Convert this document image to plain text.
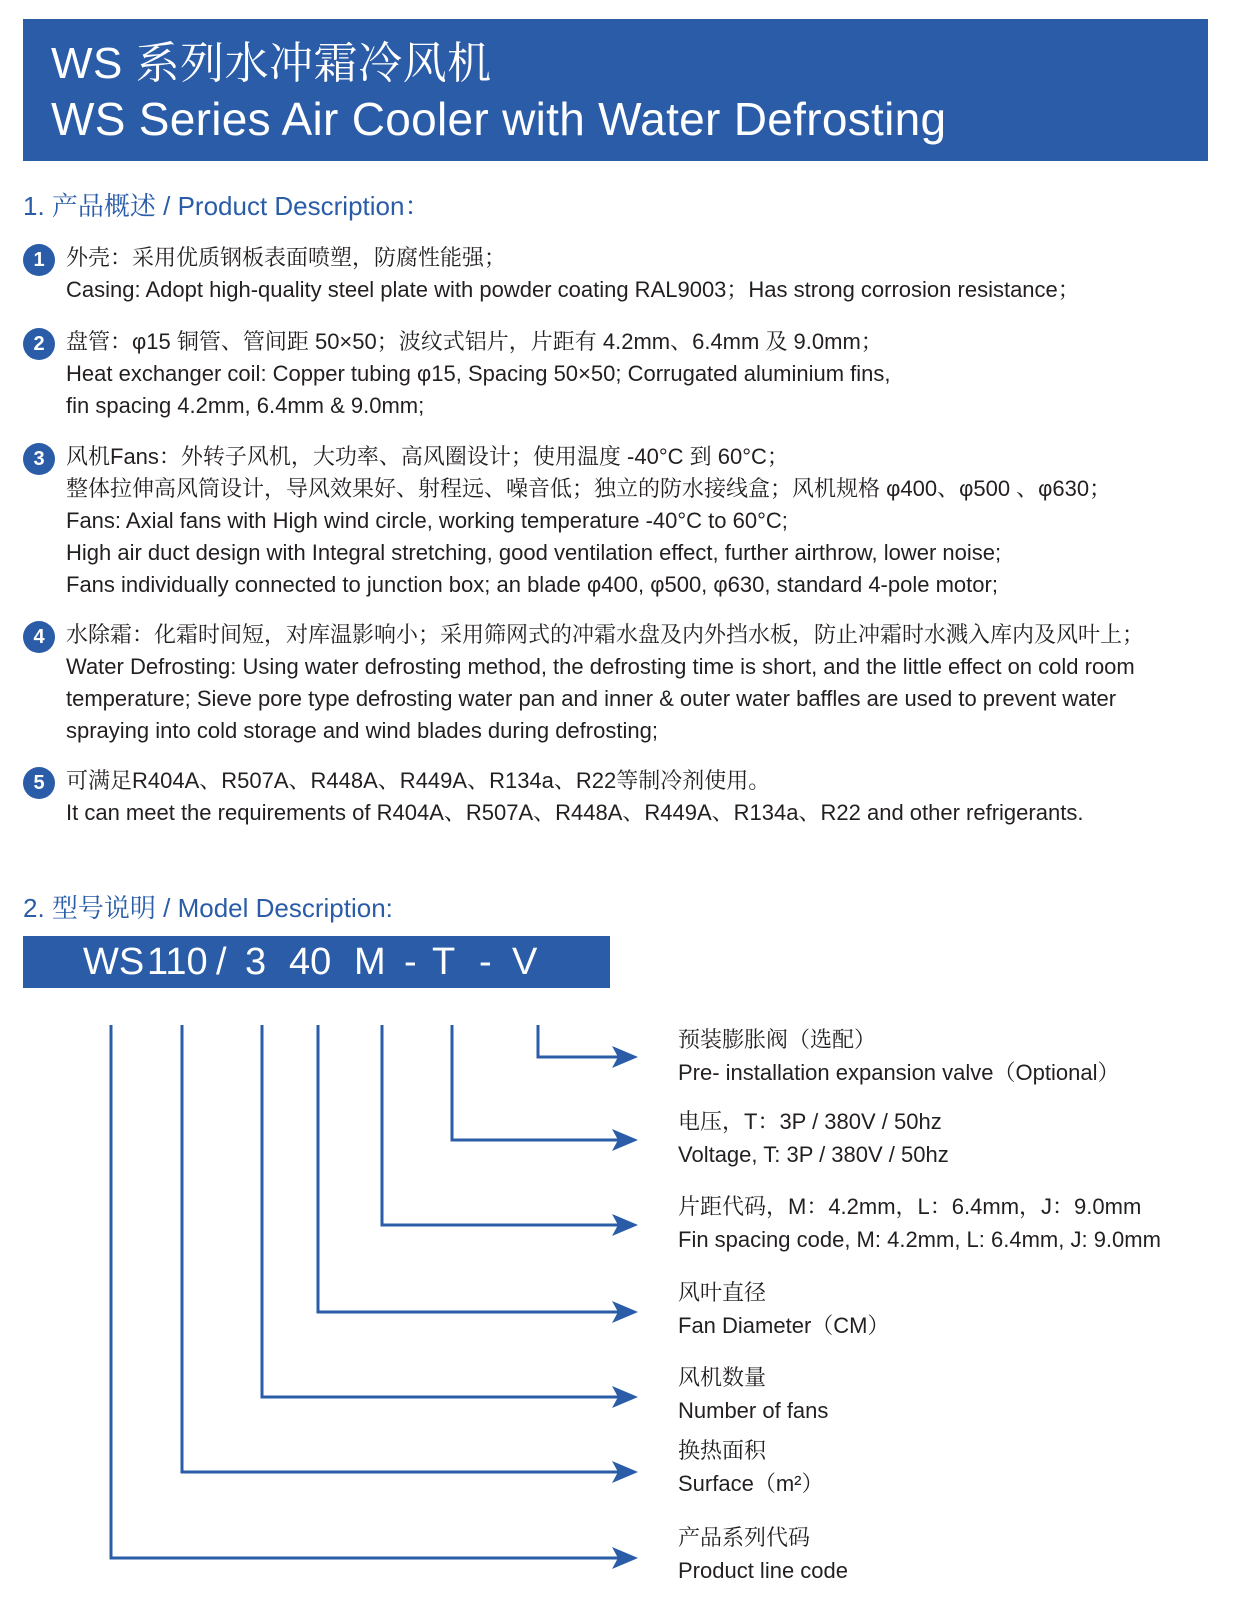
WS 系列水冲霜冷风机
WS Series Air Cooler with Water Defrosting
1. 产品概述 / Product Description：
1 外壳：采用优质钢板表面喷塑，防腐性能强；
Casing: Adopt high-quality steel plate with powder coating RAL9003；Has strong corrosion resistance；
2 盘管：φ15 铜管、管间距 50×50；波纹式铝片，片距有 4.2mm、6.4mm 及 9.0mm；
Heat exchanger coil: Copper tubing φ15, Spacing 50×50; Corrugated aluminium fins,
fin spacing 4.2mm, 6.4mm & 9.0mm;
3 风机Fans：外转子风机，大功率、高风圈设计；使用温度 -40°C 到 60°C；
整体拉伸高风筒设计，导风效果好、射程远、噪音低；独立的防水接线盒；风机规格 φ400、φ500 、φ630；
Fans: Axial fans with High wind circle, working temperature -40°C to 60°C;
High air duct design with Integral stretching, good ventilation effect, further airthrow, lower noise;
Fans individually connected to junction box; an blade φ400, φ500, φ630, standard 4-pole motor;
4 水除霜：化霜时间短，对库温影响小；采用筛网式的冲霜水盘及内外挡水板，防止冲霜时水溅入库内及风叶上；
Water Defrosting: Using water defrosting method, the defrosting time is short, and the little effect on cold room
temperature; Sieve pore type defrosting water pan and inner & outer water baffles are used to prevent water
spraying into cold storage and wind blades during defrosting;
5 可满足R404A、R507A、R448A、R449A、R134a、R22等制冷剂使用。
It can meet the requirements of R404A、R507A、R448A、R449A、R134a、R22 and other refrigerants.
2. 型号说明 / Model Description:
WS 110 / 3 40 M - T - V
预装膨胀阀（选配）
Pre- installation expansion valve（Optional）
电压，T：3P / 380V / 50hz
Voltage, T: 3P / 380V / 50hz
片距代码，M：4.2mm，L：6.4mm，J：9.0mm
Fin spacing code, M: 4.2mm, L: 6.4mm, J: 9.0mm
风叶直径
Fan Diameter（CM）
风机数量
Number of fans
换热面积
Surface（m²）
产品系列代码
Product line code
